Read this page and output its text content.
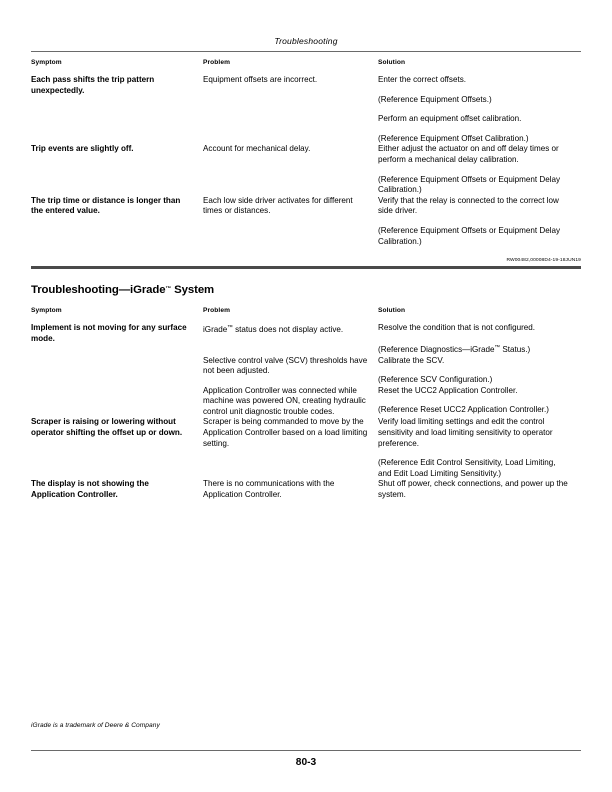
Troubleshooting
Symptom	Problem	Solution
Each pass shifts the trip pattern unexpectedly.	Equipment offsets are incorrect.	Enter the correct offsets.
(Reference Equipment Offsets.)
Perform an equipment offset calibration.
(Reference Equipment Offset Calibration.)

Trip events are slightly off.	Account for mechanical delay.	Either adjust the actuator on and off delay times or perform a mechanical delay calibration.
(Reference Equipment Offsets or Equipment Delay Calibration.)

The trip time or distance is longer than the entered value.	Each low side driver activates for different times or distances.	Verify that the relay is connected to the correct low side driver.
(Reference Equipment Offsets or Equipment Delay Calibration.)
RW00482,00008D4-19-18JUN19
Troubleshooting—iGrade™ System
Symptom	Problem	Solution
Implement is not moving for any surface mode.	iGrade™ status does not display active.	Resolve the condition that is not configured.
(Reference Diagnostics—iGrade™ Status.)

	Selective control valve (SCV) thresholds have not been adjusted.	Calibrate the SCV.
(Reference SCV Configuration.)

	Application Controller was connected while machine was powered ON, creating hydraulic control unit diagnostic trouble codes.	Reset the UCC2 Application Controller.
(Reference Reset UCC2 Application Controller.)

Scraper is raising or lowering without operator shifting the offset up or down.	Scraper is being commanded to move by the Application Controller based on a load limiting setting.	Verify load limiting settings and edit the control sensitivity and load limiting sensitivity to operator preference.
(Reference Edit Control Sensitivity, Load Limiting, and Edit Load Limiting Sensitivity.)

The display is not showing the Application Controller.	There is no communications with the Application Controller.	Shut off power, check connections, and power up the system.
iGrade is a trademark of Deere & Company
80-3
